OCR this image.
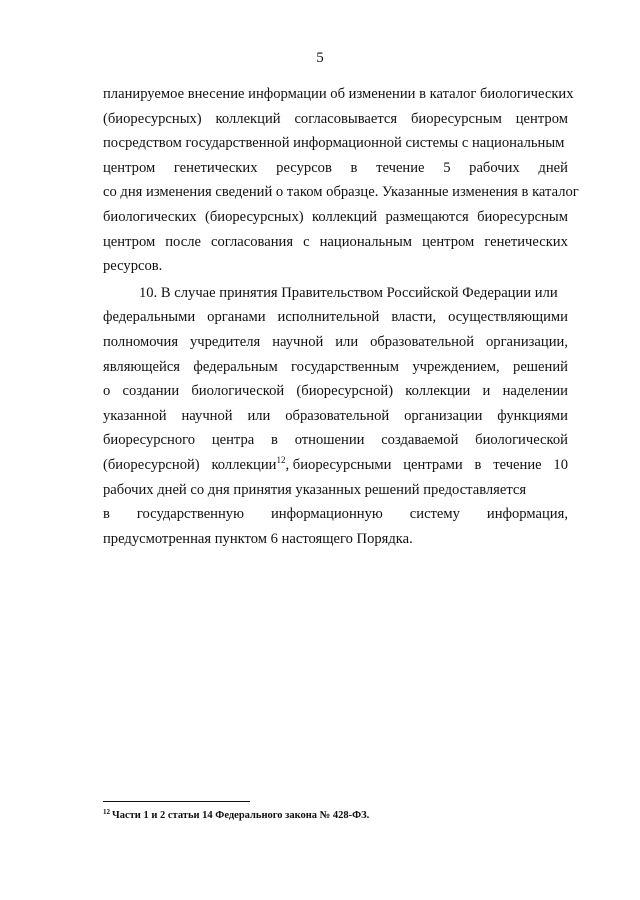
5
планируемое внесение информации об изменении в каталог биологических
(биоресурсных) коллекций согласовывается биоресурсным центром
посредством государственной информационной системы с национальным
центром генетических ресурсов в течение 5 рабочих дней
со дня изменения сведений о таком образце. Указанные изменения в каталог
биологических (биоресурсных) коллекций размещаются биоресурсным
центром после согласования с национальным центром генетических
ресурсов.
10. В случае принятия Правительством Российской Федерации или
федеральными органами исполнительной власти, осуществляющими
полномочия учредителя научной или образовательной организации,
являющейся федеральным государственным учреждением, решений
о создании биологической (биоресурсной) коллекции и наделении
указанной научной или образовательной организации функциями
биоресурсного центра в отношении создаваемой биологической
(биоресурсной) коллекции$^{12}$, биоресурсными центрами в течение 10
рабочих дней со дня принятия указанных решений предоставляется
в государственную информационную систему информация,
предусмотренная пунктом 6 настоящего Порядка.
$^{12}$ Части 1 и 2 статьи 14 Федерального закона № 428-ФЗ.
